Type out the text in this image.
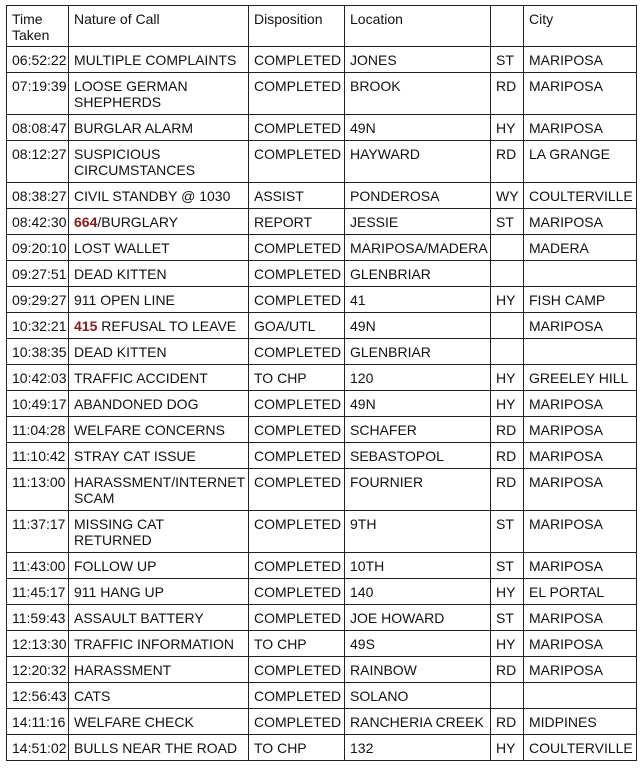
Time
Taken	Nature of Call	Disposition	Location		City
06:52:22	MULTIPLE COMPLAINTS	COMPLETED	JONES	ST	MARIPOSA
07:19:39	LOOSE GERMAN SHEPHERDS	COMPLETED	BROOK	RD	MARIPOSA
08:08:47	BURGLAR ALARM	COMPLETED	49N	HY	MARIPOSA
08:12:27	SUSPICIOUS CIRCUMSTANCES	COMPLETED	HAYWARD	RD	LA GRANGE
08:38:27	CIVIL STANDBY @ 1030	ASSIST	PONDEROSA	WY	COULTERVILLE
08:42:30	664/BURGLARY	REPORT	JESSIE	ST	MARIPOSA
09:20:10	LOST WALLET	COMPLETED	MARIPOSA/MADERA		MADERA
09:27:51	DEAD KITTEN	COMPLETED	GLENBRIAR		
09:29:27	911 OPEN LINE	COMPLETED	41	HY	FISH CAMP
10:32:21	415 REFUSAL TO LEAVE	GOA/UTL	49N		MARIPOSA
10:38:35	DEAD KITTEN	COMPLETED	GLENBRIAR		
10:42:03	TRAFFIC ACCIDENT	TO CHP	120	HY	GREELEY HILL
10:49:17	ABANDONED DOG	COMPLETED	49N	HY	MARIPOSA
11:04:28	WELFARE CONCERNS	COMPLETED	SCHAFER	RD	MARIPOSA
11:10:42	STRAY CAT ISSUE	COMPLETED	SEBASTOPOL	RD	MARIPOSA
11:13:00	HARASSMENT/INTERNET SCAM	COMPLETED	FOURNIER	RD	MARIPOSA
11:37:17	MISSING CAT RETURNED	COMPLETED	9TH	ST	MARIPOSA
11:43:00	FOLLOW UP	COMPLETED	10TH	ST	MARIPOSA
11:45:17	911 HANG UP	COMPLETED	140	HY	EL PORTAL
11:59:43	ASSAULT BATTERY	COMPLETED	JOE HOWARD	ST	MARIPOSA
12:13:30	TRAFFIC INFORMATION	TO CHP	49S	HY	MARIPOSA
12:20:32	HARASSMENT	COMPLETED	RAINBOW	RD	MARIPOSA
12:56:43	CATS	COMPLETED	SOLANO		
14:11:16	WELFARE CHECK	COMPLETED	RANCHERIA CREEK	RD	MIDPINES
14:51:02	BULLS NEAR THE ROAD	TO CHP	132	HY	COULTERVILLE
